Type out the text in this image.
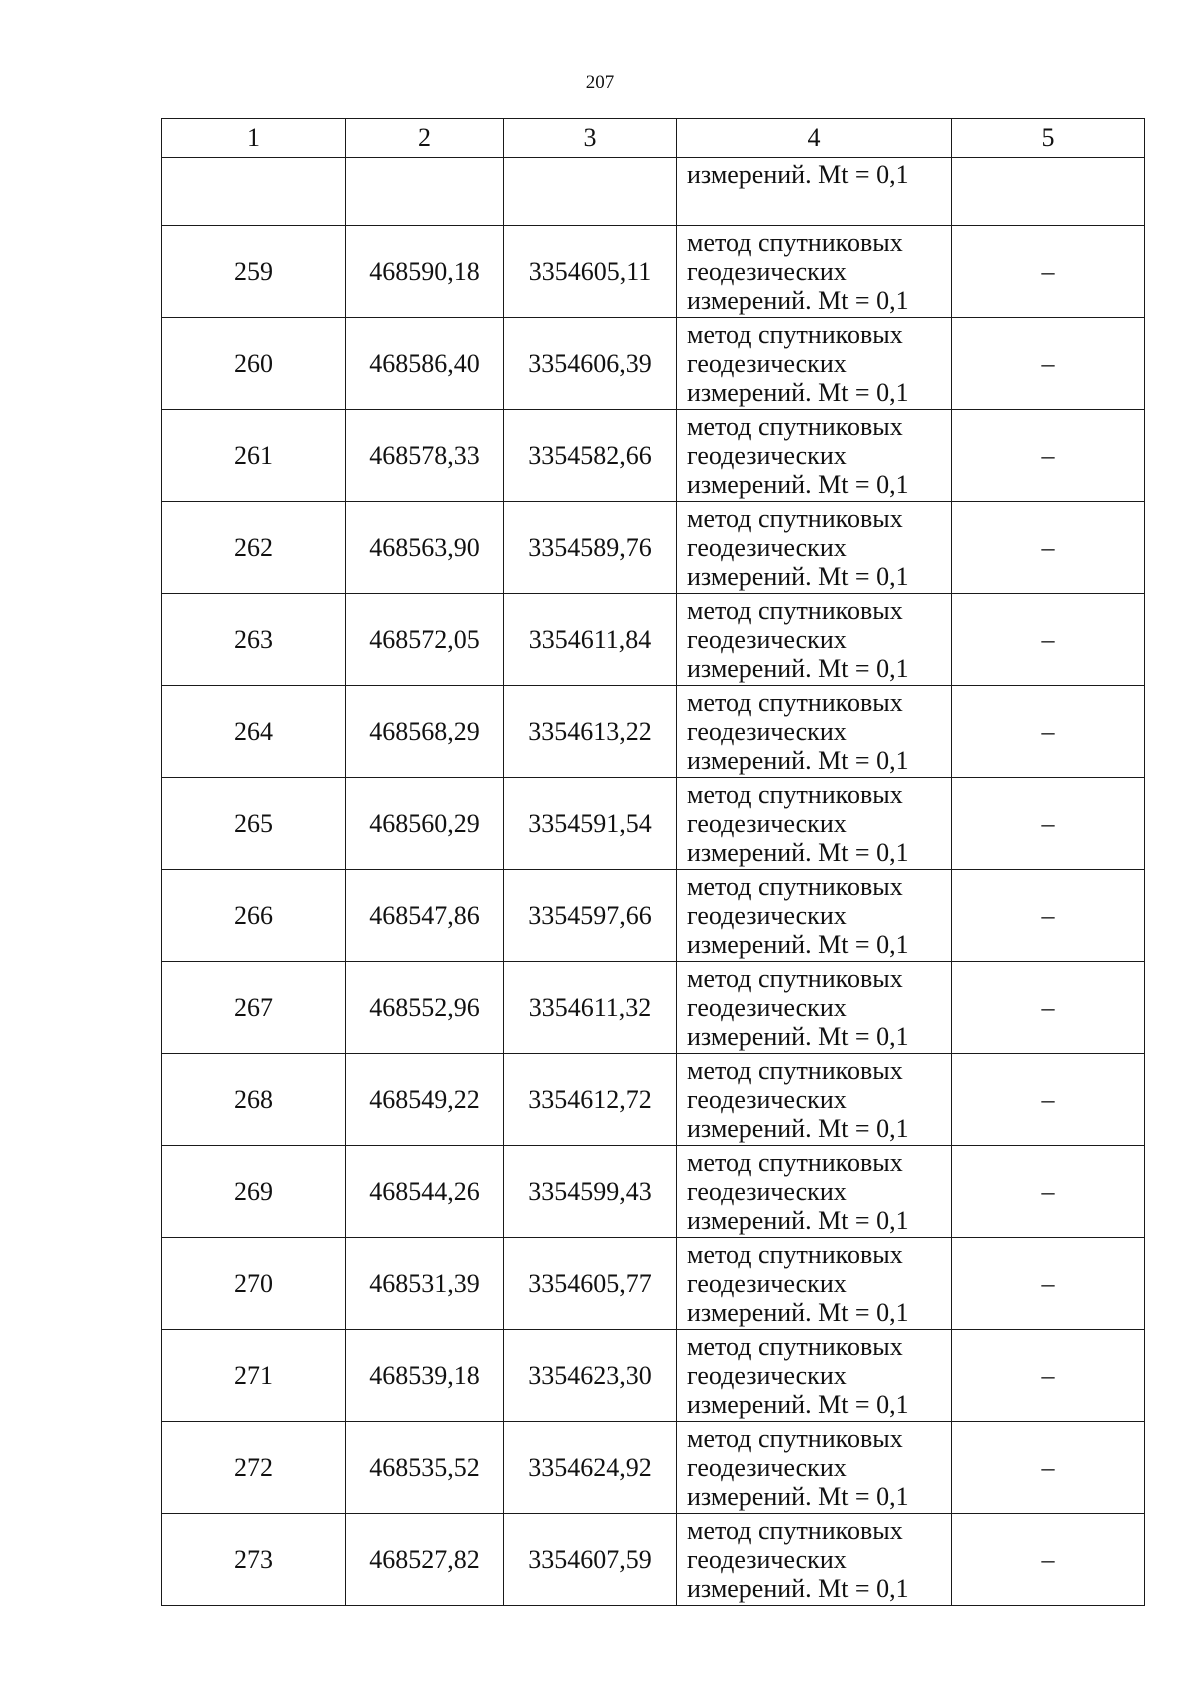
207
1	2	3	4	5
			измерений. Mt = 0,1	
259	468590,18	3354605,11	метод спутниковых
геодезических
измерений. Mt = 0,1	–
260	468586,40	3354606,39	метод спутниковых
геодезических
измерений. Mt = 0,1	–
261	468578,33	3354582,66	метод спутниковых
геодезических
измерений. Mt = 0,1	–
262	468563,90	3354589,76	метод спутниковых
геодезических
измерений. Mt = 0,1	–
263	468572,05	3354611,84	метод спутниковых
геодезических
измерений. Mt = 0,1	–
264	468568,29	3354613,22	метод спутниковых
геодезических
измерений. Mt = 0,1	–
265	468560,29	3354591,54	метод спутниковых
геодезических
измерений. Mt = 0,1	–
266	468547,86	3354597,66	метод спутниковых
геодезических
измерений. Mt = 0,1	–
267	468552,96	3354611,32	метод спутниковых
геодезических
измерений. Mt = 0,1	–
268	468549,22	3354612,72	метод спутниковых
геодезических
измерений. Mt = 0,1	–
269	468544,26	3354599,43	метод спутниковых
геодезических
измерений. Mt = 0,1	–
270	468531,39	3354605,77	метод спутниковых
геодезических
измерений. Mt = 0,1	–
271	468539,18	3354623,30	метод спутниковых
геодезических
измерений. Mt = 0,1	–
272	468535,52	3354624,92	метод спутниковых
геодезических
измерений. Mt = 0,1	–
273	468527,82	3354607,59	метод спутниковых
геодезических
измерений. Mt = 0,1	–
